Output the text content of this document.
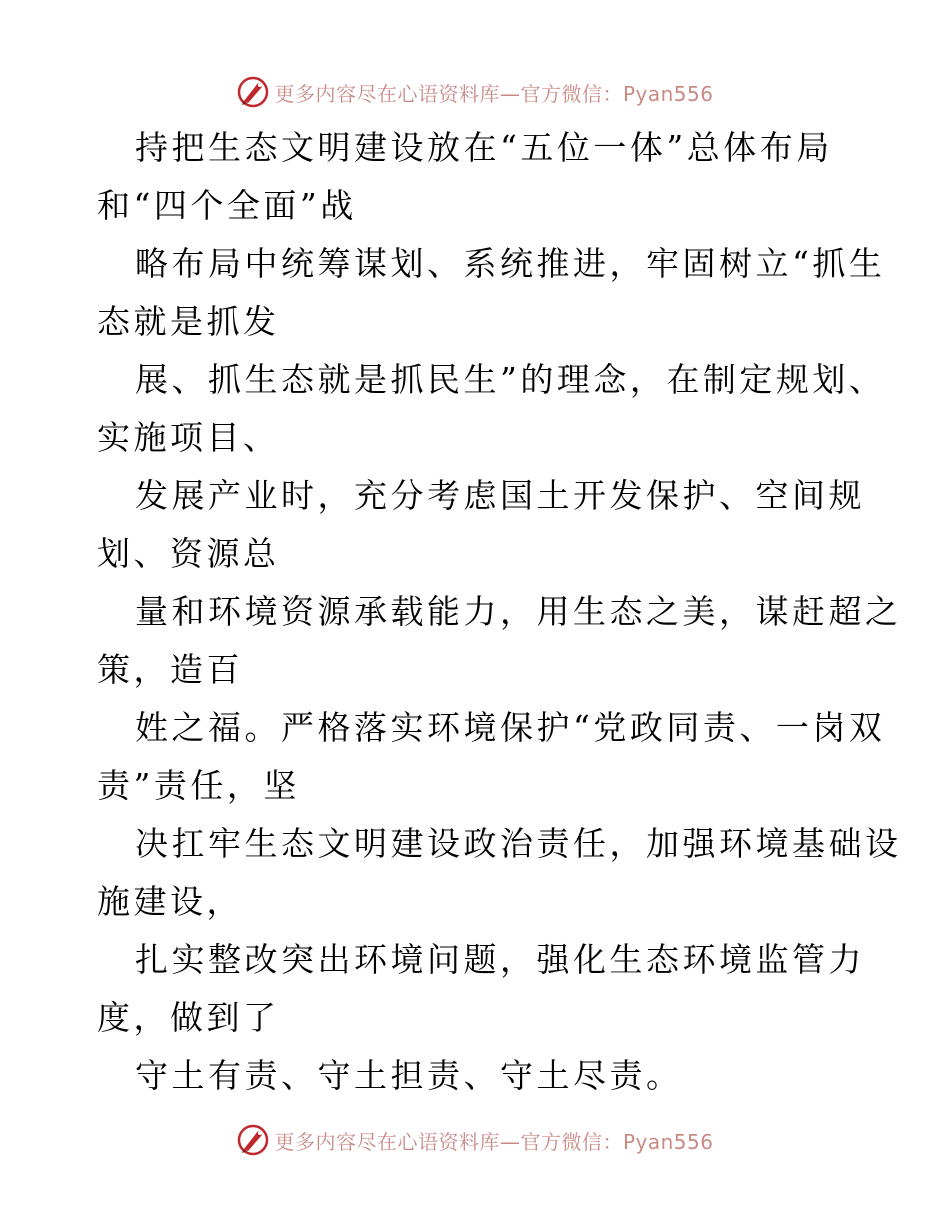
更多内容尽在心语资料库—官方微信：Pyan556
持把生态文明建设放在“五位一体”总体布局
和“四个全面”战
略布局中统筹谋划、系统推进，牢固树立“抓生
态就是抓发
展、抓生态就是抓民生”的理念，在制定规划、
实施项目、
发展产业时，充分考虑国土开发保护、空间规
划、资源总
量和环境资源承载能力，用生态之美，谋赶超之
策，造百
姓之福。严格落实环境保护“党政同责、一岗双
责”责任，坚
决扛牢生态文明建设政治责任，加强环境基础设
施建设，
扎实整改突出环境问题，强化生态环境监管力
度，做到了
守土有责、守土担责、守土尽责。
更多内容尽在心语资料库—官方微信：Pyan556
